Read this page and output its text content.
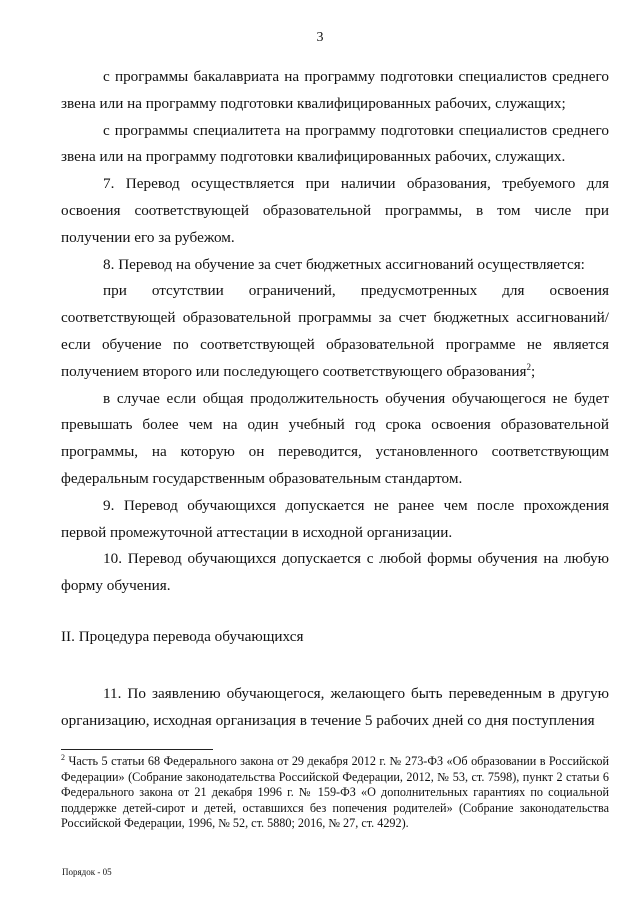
3

с программы бакалавриата на программу подготовки специалистов среднего звена или на программу подготовки квалифицированных рабочих, служащих;

с программы специалитета на программу подготовки специалистов среднего звена или на программу подготовки квалифицированных рабочих, служащих.

7. Перевод осуществляется при наличии образования, требуемого для освоения соответствующей образовательной программы, в том числе при получении его за рубежом.

8. Перевод на обучение за счет бюджетных ассигнований осуществляется:

при отсутствии ограничений, предусмотренных для освоения соответствующей образовательной программы за счет бюджетных ассигнований/если обучение по соответствующей образовательной программе не является получением второго или последующего соответствующего образования$^2$;

в случае если общая продолжительность обучения обучающегося не будет превышать более чем на один учебный год срока освоения образовательной программы, на которую он переводится, установленного соответствующим федеральным государственным образовательным стандартом.

9. Перевод обучающихся допускается не ранее чем после прохождения первой промежуточной аттестации в исходной организации.

10. Перевод обучающихся допускается с любой формы обучения на любую форму обучения.

II. Процедура перевода обучающихся

11. По заявлению обучающегося, желающего быть переведенным в другую организацию, исходная организация в течение 5 рабочих дней со дня поступления

$^2$ Часть 5 статьи 68 Федерального закона от 29 декабря 2012 г. № 273-ФЗ «Об образовании в Российской Федерации» (Собрание законодательства Российской Федерации, 2012, № 53, ст. 7598), пункт 2 статьи 6 Федерального закона от 21 декабря 1996 г. № 159-ФЗ «О дополнительных гарантиях по социальной поддержке детей-сирот и детей, оставшихся без попечения родителей» (Собрание законодательства Российской Федерации, 1996, № 52, ст. 5880; 2016, № 27, ст. 4292).
Порядок - 05
